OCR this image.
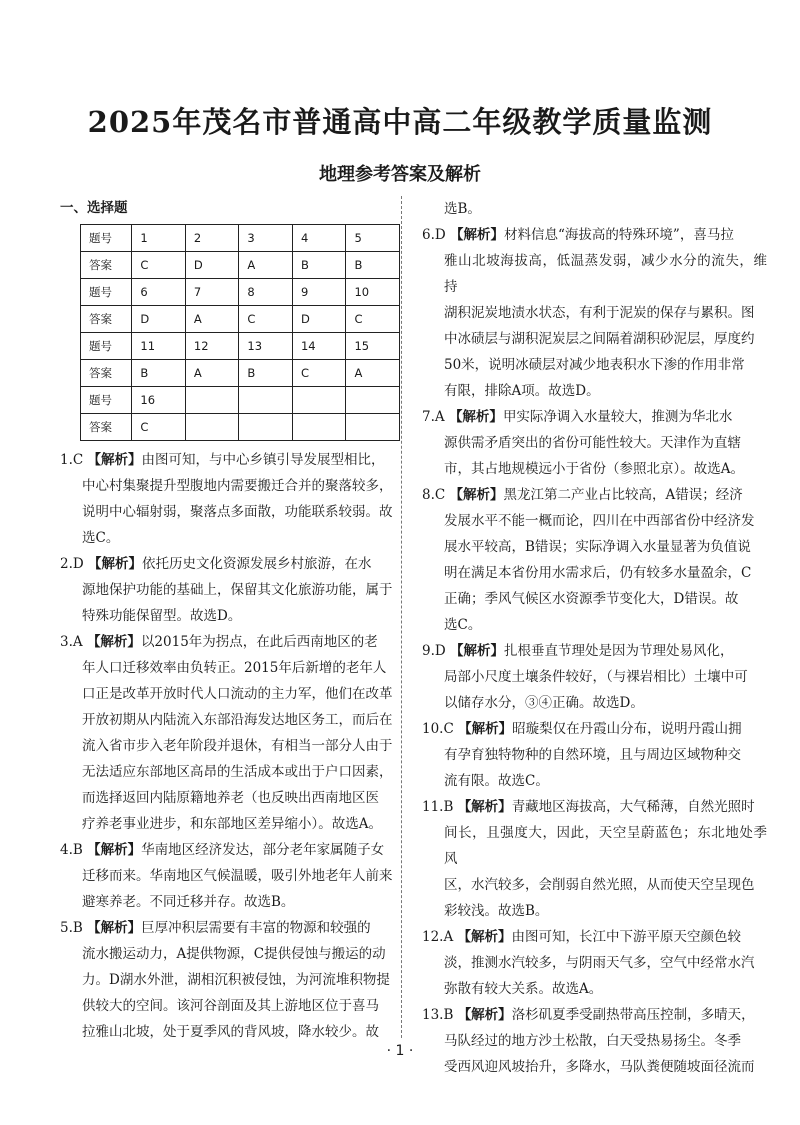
2025年茂名市普通高中高二年级教学质量监测
地理参考答案及解析
一、选择题
题号	1	2	3	4	5
答案	C	D	A	B	B
题号	6	7	8	9	10
答案	D	A	C	D	C
题号	11	12	13	14	15
答案	B	A	B	C	A
题号	16				
答案	C				

1.C 【解析】由图可知，与中心乡镇引导发展型相比，

中心村集聚提升型腹地内需要搬迁合并的聚落较多，

说明中心辐射弱，聚落点多面散，功能联系较弱。故

选C。

2.D 【解析】依托历史文化资源发展乡村旅游，在水

源地保护功能的基础上，保留其文化旅游功能，属于

特殊功能保留型。故选D。

3.A 【解析】以2015年为拐点，在此后西南地区的老

年人口迁移效率由负转正。2015年后新增的老年人

口正是改革开放时代人口流动的主力军，他们在改革

开放初期从内陆流入东部沿海发达地区务工，而后在

流入省市步入老年阶段并退休，有相当一部分人由于

无法适应东部地区高昂的生活成本或出于户口因素，

而选择返回内陆原籍地养老（也反映出西南地区医

疗养老事业进步，和东部地区差异缩小）。故选A。

4.B 【解析】华南地区经济发达，部分老年家属随子女

迁移而来。华南地区气候温暖，吸引外地老年人前来

避寒养老。不同迁移并存。故选B。

5.B 【解析】巨厚冲积层需要有丰富的物源和较强的

流水搬运动力，A提供物源，C提供侵蚀与搬运的动

力。D湖水外泄，湖相沉积被侵蚀，为河流堆积物提

供较大的空间。该河谷剖面及其上游地区位于喜马

拉雅山北坡，处于夏季风的背风坡，降水较少。故

选B。

6.D 【解析】材料信息“海拔高的特殊环境”，喜马拉

雅山北坡海拔高，低温蒸发弱，减少水分的流失，维持

湖积泥炭地渍水状态，有利于泥炭的保存与累积。图

中冰碛层与湖积泥炭层之间隔着湖积砂泥层，厚度约

50米，说明冰碛层对减少地表积水下渗的作用非常

有限，排除A项。故选D。

7.A 【解析】甲实际净调入水量较大，推测为华北水

源供需矛盾突出的省份可能性较大。天津作为直辖

市，其占地规模远小于省份（参照北京）。故选A。

8.C 【解析】黑龙江第二产业占比较高，A错误；经济

发展水平不能一概而论，四川在中西部省份中经济发

展水平较高，B错误；实际净调入水量显著为负值说

明在满足本省份用水需求后，仍有较多水量盈余，C

正确；季风气候区水资源季节变化大，D错误。故

选C。

9.D 【解析】扎根垂直节理处是因为节理处易风化，

局部小尺度土壤条件较好，（与裸岩相比）土壤中可

以储存水分，③④正确。故选D。

10.C 【解析】昭璇梨仅在丹霞山分布，说明丹霞山拥

有孕育独特物种的自然环境，且与周边区域物种交

流有限。故选C。

11.B 【解析】青藏地区海拔高，大气稀薄，自然光照时

间长，且强度大，因此，天空呈蔚蓝色；东北地处季风

区，水汽较多，会削弱自然光照，从而使天空呈现色

彩较浅。故选B。

12.A 【解析】由图可知，长江中下游平原天空颜色较

淡，推测水汽较多，与阴雨天气多，空气中经常水汽

弥散有较大关系。故选A。

13.B 【解析】洛杉矶夏季受副热带高压控制，多晴天，

马队经过的地方沙土松散，白天受热易扬尘。冬季

受西风迎风坡抬升，多降水，马队粪便随坡面径流而

· 1 ·
